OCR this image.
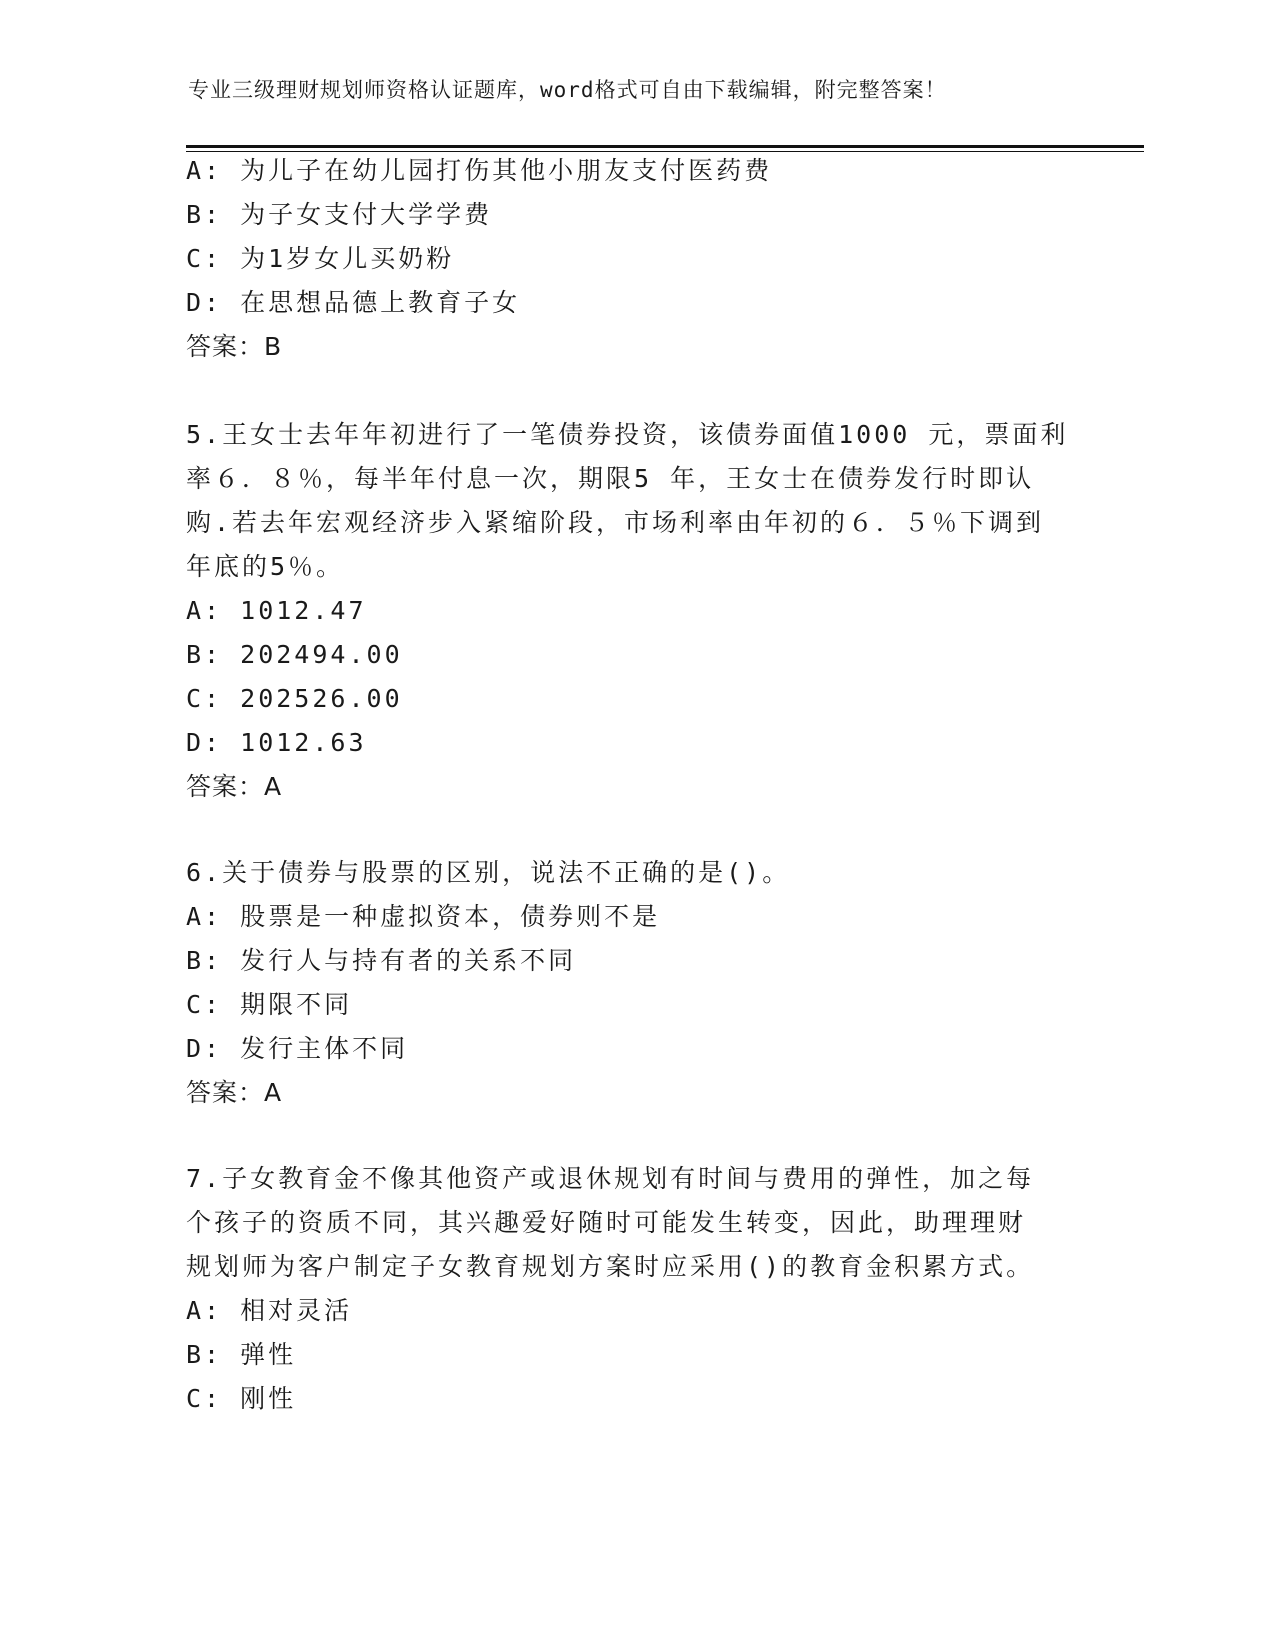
专业三级理财规划师资格认证题库，word格式可自由下载编辑，附完整答案！
A: 为儿子在幼儿园打伤其他小朋友支付医药费
B: 为子女支付大学学费
C: 为1岁女儿买奶粉
D: 在思想品德上教育子女
答案：B
5.王女士去年年初进行了一笔债券投资，该债券面值1000 元，票面利
率６．８％，每半年付息一次，期限5 年，王女士在债券发行时即认
购.若去年宏观经济步入紧缩阶段，市场利率由年初的６．５％下调到
年底的5％。
A: 1012.47
B: 202494.00
C: 202526.00
D: 1012.63
答案：A
6.关于债券与股票的区别，说法不正确的是()。
A: 股票是一种虚拟资本，债券则不是
B: 发行人与持有者的关系不同
C: 期限不同
D: 发行主体不同
答案：A
7.子女教育金不像其他资产或退休规划有时间与费用的弹性，加之每
个孩子的资质不同，其兴趣爱好随时可能发生转变，因此，助理理财
规划师为客户制定子女教育规划方案时应采用()的教育金积累方式。
A: 相对灵活
B: 弹性
C: 刚性
